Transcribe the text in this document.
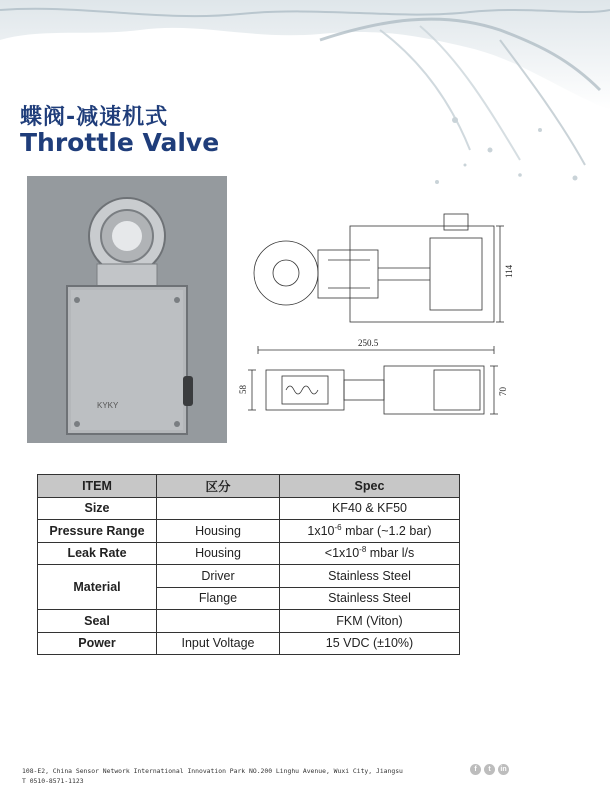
蝶阀-减速机式
Throttle Valve
KYKY
250.5
114
58	70
ITEM	区分	Spec
Size		KF40 & KF50
Pressure Range	Housing	$1x10^{-6}$ mbar (~1.2 bar)
Leak Rate	Housing	$<1x10^{-8}$ mbar l/s
Material	Driver	Stainless Steel
	Flange	Stainless Steel
Seal		FKM (Viton)
Power	Input Voltage	15 VDC (±10%)
108-E2, China Sensor Network International Innovation Park NO.200 Linghu Avenue, Wuxi City, Jiangsu
T 0510-8571-1123
f	t	in
